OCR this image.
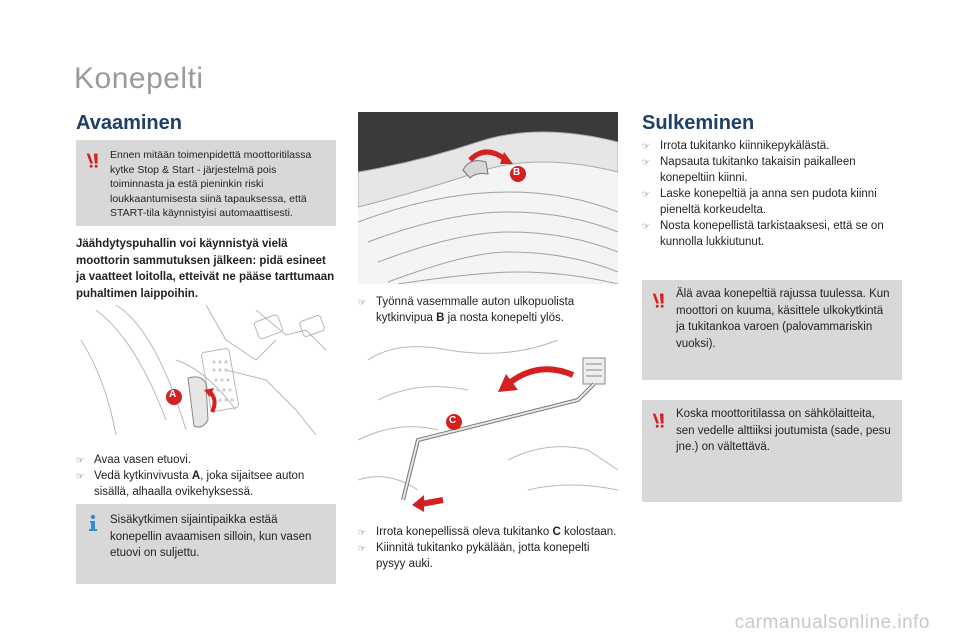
Konepelti
Avaaminen
Ennen mitään toimenpidettä moottoritilassa kytke Stop & Start - järjestelmä pois toiminnasta ja estä pieninkin riski loukkaantumisesta siinä tapauksessa, että START-tila käynnistyisi automaattisesti.
Jäähdytyspuhallin voi käynnistyä vielä moottorin sammutuksen jälkeen: pidä esineet ja vaatteet loitolla, etteivät ne pääse tarttumaan puhaltimen laippoihin.
A
☞ Avaa vasen etuovi.
☞ Vedä kytkinvivusta A, joka sijaitsee auton sisällä, alhaalla ovikehyksessä.
Sisäkytkimen sijaintipaikka estää konepellin avaamisen silloin, kun vasen etuovi on suljettu.
B
☞ Työnnä vasemmalle auton ulkopuolista kytkinvipua B ja nosta konepelti ylös.
C
☞ Irrota konepellissä oleva tukitanko C kolostaan.
☞ Kiinnitä tukitanko pykälään, jotta konepelti pysyy auki.
Sulkeminen
☞ Irrota tukitanko kiinnikepykälästä.
☞ Napsauta tukitanko takaisin paikalleen konepeltiin kiinni.
☞ Laske konepeltiä ja anna sen pudota kiinni pieneltä korkeudelta.
☞ Nosta konepellistä tarkistaaksesi, että se on kunnolla lukkiutunut.
Älä avaa konepeltiä rajussa tuulessa. Kun moottori on kuuma, käsittele ulkokytkintä ja tukitankoa varoen (palovammariskin vuoksi).
Koska moottoritilassa on sähkölaitteita, sen vedelle alttiiksi joutumista (sade, pesu jne.) on vältettävä.
carmanualsonline.info
